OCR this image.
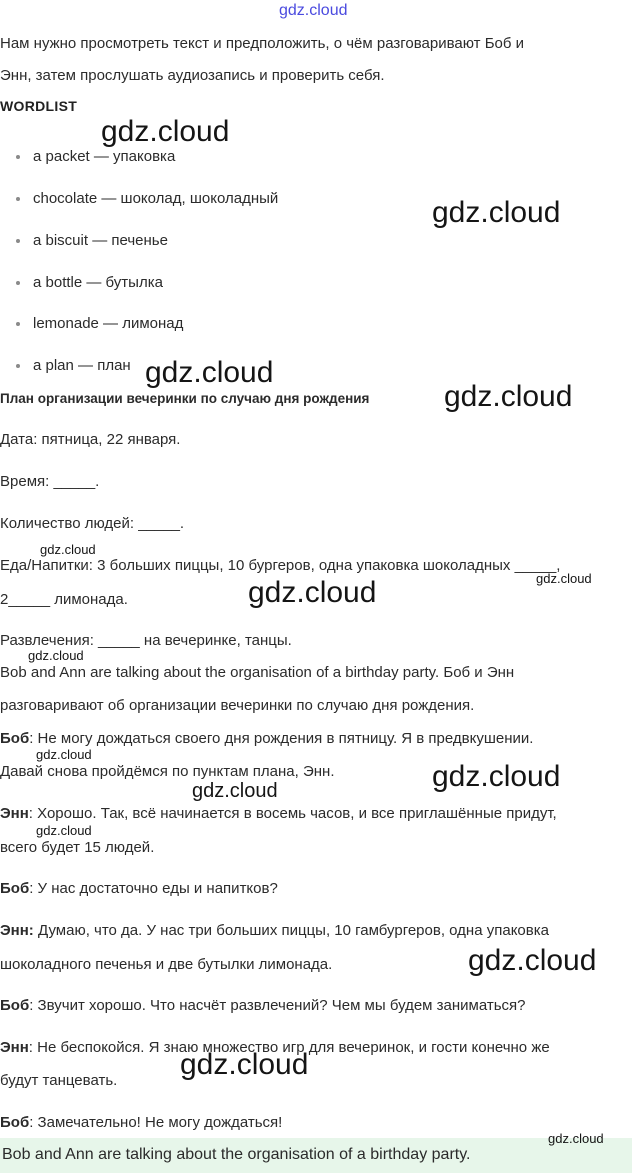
gdz.cloud
Нам нужно просмотреть текст и предположить, о чём разговаривают Боб и
Энн, затем прослушать аудиозапись и проверить себя.
WORDLIST
a packet — упаковка
chocolate — шоколад, шоколадный
a biscuit — печенье
a bottle — бутылка
lemonade — лимонад
a plan — план
План организации вечеринки по случаю дня рождения
Дата: пятница, 22 января.
Время: _____.
Количество людей: _____.
Еда/Напитки: 3 больших пиццы, 10 бургеров, одна упаковка шоколадных _____,
2_____ лимонада.
Развлечения: _____ на вечеринке, танцы.
Bob and Ann are talking about the organisation of a birthday party. Боб и Энн
разговаривают об организации вечеринки по случаю дня рождения.
Боб: Не могу дождаться своего дня рождения в пятницу. Я в предвкушении.
Давай снова пройдёмся по пунктам плана, Энн.
Энн: Хорошо. Так, всё начинается в восемь часов, и все приглашённые придут,
всего будет 15 людей.
Боб: У нас достаточно еды и напитков?
Энн: Думаю, что да. У нас три больших пиццы, 10 гамбургеров, одна упаковка
шоколадного печенья и две бутылки лимонада.
Боб: Звучит хорошо. Что насчёт развлечений? Чем мы будем заниматься?
Энн: Не беспокойся. Я знаю множество игр для вечеринок, и гости конечно же
будут танцевать.
Боб: Замечательно! Не могу дождаться!
Bob and Ann are talking about the organisation of a birthday party.
gdz.cloud
gdz.cloud
gdz.cloud
gdz.cloud
gdz.cloud
gdz.cloud
gdz.cloud
gdz.cloud
gdz.cloud
gdz.cloud
gdz.cloud
gdz.cloud
gdz.cloud
gdz.cloud
gdz.cloud
